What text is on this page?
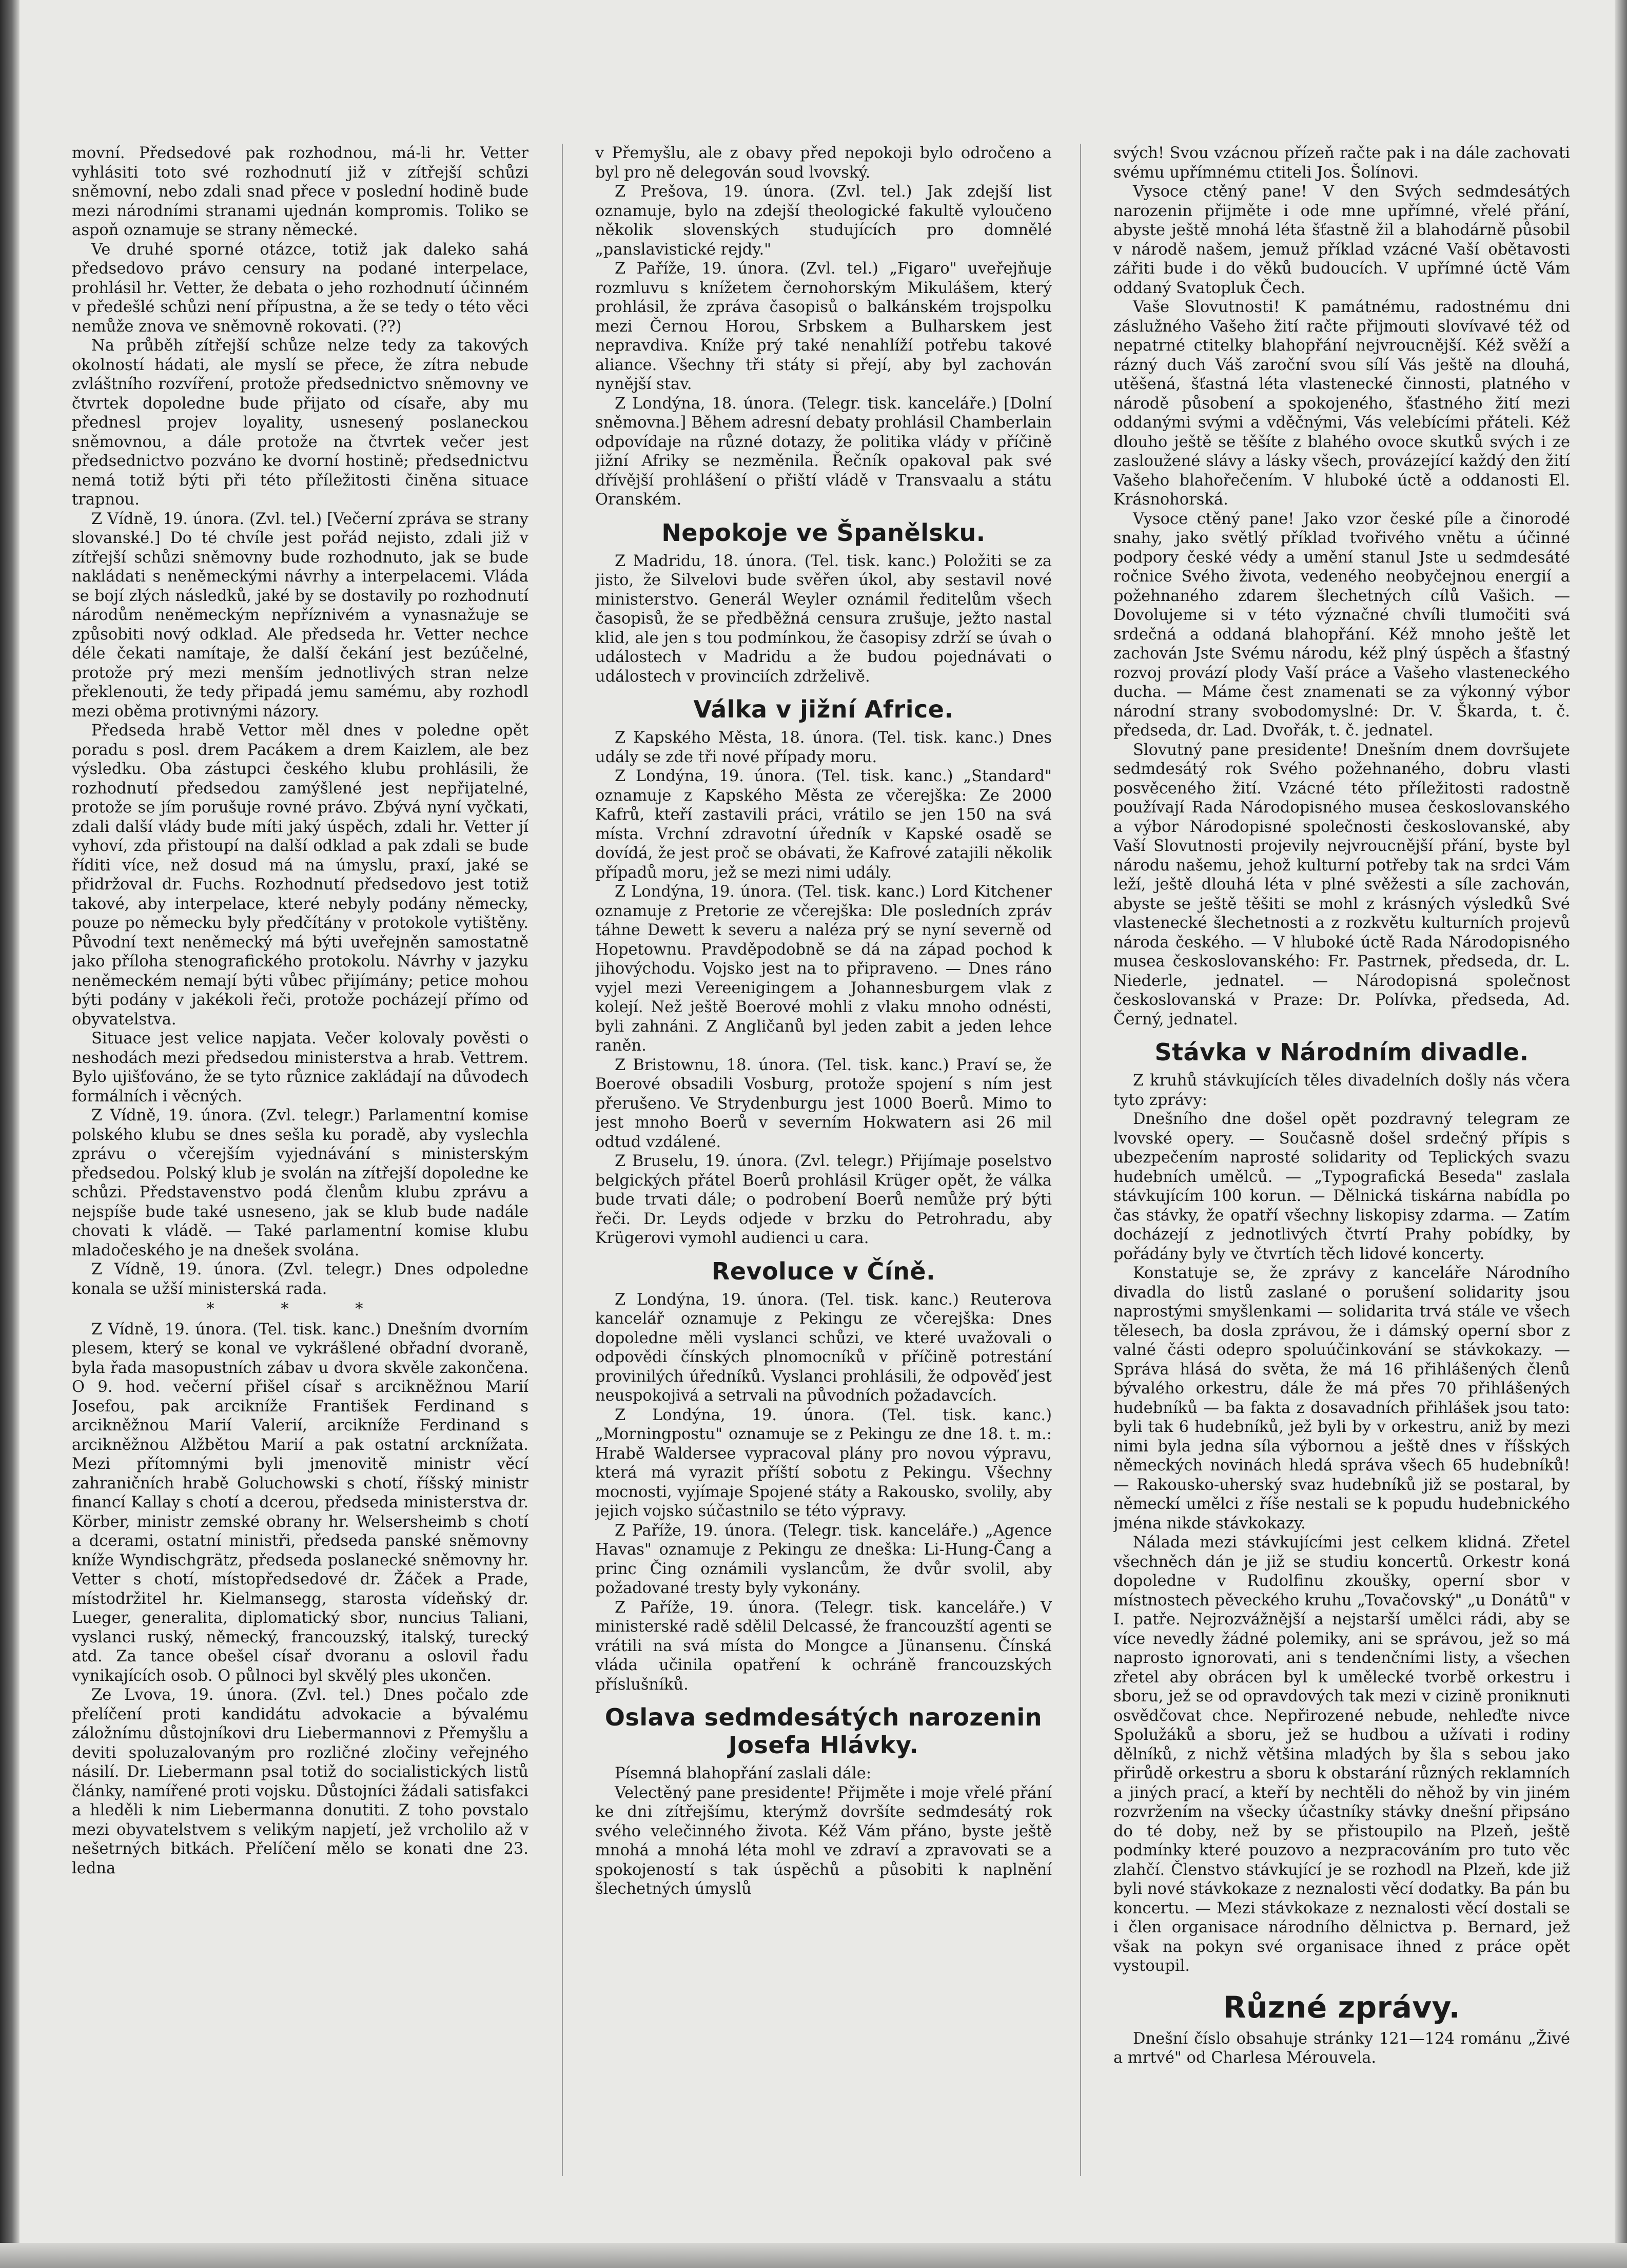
movní. Předsedové pak rozhodnou, má-li hr. Vetter vyhlásiti toto své rozhodnutí již v zítřejší schůzi sněmovní, nebo zdali snad přece v poslední hodině bude mezi národními stranami ujednán kompromis. Toliko se aspoň oznamuje se strany německé.

Ve druhé sporné otázce, totiž jak daleko sahá předsedovo právo censury na podané interpelace, prohlásil hr. Vetter, že debata o jeho rozhodnutí účinném v předešlé schůzi není přípustna, a že se tedy o této věci nemůže znova ve sněmovně rokovati. (??)

Na průběh zítřejší schůze nelze tedy za takových okolností hádati, ale myslí se přece, že zítra nebude zvláštního rozvíření, protože předsednictvo sněmovny ve čtvrtek dopoledne bude přijato od císaře, aby mu přednesl projev loyality, usnesený poslaneckou sněmovnou, a dále protože na čtvrtek večer jest předsednictvo pozváno ke dvorní hostině; předsednictvu nemá totiž býti při této příležitosti činěna situace trapnou.

Z Vídně, 19. února. (Zvl. tel.) [Večerní zpráva se strany slovanské.] Do té chvíle jest pořád nejisto, zdali již v zítřejší schůzi sněmovny bude rozhodnuto, jak se bude nakládati s neněmeckými návrhy a interpelacemi. Vláda se bojí zlých následků, jaké by se dostavily po rozhodnutí národům neněmeckým nepříznivém a vynasnažuje se způsobiti nový odklad. Ale předseda hr. Vetter nechce déle čekati namítaje, že další čekání jest bezúčelné, protože prý mezi menším jednotlivých stran nelze překlenouti, že tedy připadá jemu samému, aby rozhodl mezi oběma protivnými názory.

Předseda hrabě Vettor měl dnes v poledne opět poradu s posl. drem Pacákem a drem Kaizlem, ale bez výsledku. Oba zástupci českého klubu prohlásili, že rozhodnutí předsedou zamýšlené jest nepřijatelné, protože se jím porušuje rovné právo. Zbývá nyní vyčkati, zdali další vlády bude míti jaký úspěch, zdali hr. Vetter jí vyhoví, zda přistoupí na další odklad a pak zdali se bude říditi více, než dosud má na úmyslu, praxí, jaké se přidržoval dr. Fuchs. Rozhodnutí předsedovo jest totiž takové, aby interpelace, které nebyly podány německy, pouze po německu byly předčítány v protokole vytištěny. Původní text neněmecký má býti uveřejněn samostatně jako příloha stenografického protokolu. Návrhy v jazyku neněmeckém nemají býti vůbec přijímány; petice mohou býti podány v jakékoli řeči, protože pocházejí přímo od obyvatelstva.

Situace jest velice napjata. Večer kolovaly pověsti o neshodách mezi předsedou ministerstva a hrab. Vettrem. Bylo ujišťováno, že se tyto různice zakládají na důvodech formálních i věcných.

Z Vídně, 19. února. (Zvl. telegr.) Parlamentní komise polského klubu se dnes sešla ku poradě, aby vyslechla zprávu o včerejším vyjednávání s ministerským předsedou. Polský klub je svolán na zítřejší dopoledne ke schůzi. Představenstvo podá členům klubu zprávu a nejspíše bude také usneseno, jak se klub bude nadále chovati k vládě. — Také parlamentní komise klubu mladočeského je na dnešek svolána.

Z Vídně, 19. února. (Zvl. telegr.) Dnes odpoledne konala se užší ministerská rada.

* * *

Z Vídně, 19. února. (Tel. tisk. kanc.) Dnešním dvorním plesem, který se konal ve vykrášlené obřadní dvoraně, byla řada masopustních zábav u dvora skvěle zakončena. O 9. hod. večerní přišel císař s arcikněžnou Marií Josefou, pak arcikníže František Ferdinand s arcikněžnou Marií Valerií, arcikníže Ferdinand s arcikněžnou Alžbětou Marií a pak ostatní arcknížata. Mezi přítomnými byli jmenovitě ministr věcí zahraničních hrabě Goluchowski s chotí, říšský ministr financí Kallay s chotí a dcerou, předseda ministerstva dr. Körber, ministr zemské obrany hr. Welsersheimb s chotí a dcerami, ostatní ministři, předseda panské sněmovny kníže Wyndischgrätz, předseda poslanecké sněmovny hr. Vetter s chotí, místopředsedové dr. Žáček a Prade, místodržitel hr. Kielmansegg, starosta vídeňský dr. Lueger, generalita, diplomatický sbor, nuncius Taliani, vyslanci ruský, německý, francouzský, italský, turecký atd. Za tance obešel císař dvoranu a oslovil řadu vynikajících osob. O půlnoci byl skvělý ples ukončen.

Ze Lvova, 19. února. (Zvl. tel.) Dnes počalo zde přelíčení proti kandidátu advokacie a bývalému záložnímu důstojníkovi dru Liebermannovi z Přemyšlu a deviti spoluzalovaným pro rozličné zločiny veřejného násilí. Dr. Liebermann psal totiž do socialistických listů články, namířené proti vojsku. Důstojníci žádali satisfakci a hleděli k nim Liebermanna donutiti. Z toho povstalo mezi obyvatelstvem s velikým napjetí, jež vrcholilo až v nešetrných bitkách. Přelíčení mělo se konati dne 23. ledna

v Přemyšlu, ale z obavy před nepokoji bylo odročeno a byl pro ně delegován soud lvovský.

Z Prešova, 19. února. (Zvl. tel.) Jak zdejší list oznamuje, bylo na zdejší theologické fakultě vyloučeno několik slovenských studujících pro domnělé „panslavistické rejdy."

Z Paříže, 19. února. (Zvl. tel.) „Figaro" uveřejňuje rozmluvu s knížetem černohorským Mikulášem, který prohlásil, že zpráva časopisů o balkánském trojspolku mezi Černou Horou, Srbskem a Bulharskem jest nepravdiva. Kníže prý také nenahlíží potřebu takové aliance. Všechny tři státy si přejí, aby byl zachován nynější stav.

Z Londýna, 18. února. (Telegr. tisk. kanceláře.) [Dolní sněmovna.] Během adresní debaty prohlásil Chamberlain odpovídaje na různé dotazy, že politika vlády v příčině jižní Afriky se nezměnila. Řečník opakoval pak své dřívější prohlášení o přiští vládě v Transvaalu a státu Oranském.

Nepokoje ve Španělsku.

Z Madridu, 18. února. (Tel. tisk. kanc.) Položiti se za jisto, že Silvelovi bude svěřen úkol, aby sestavil nové ministerstvo. Generál Weyler oznámil ředitelům všech časopisů, že se předběžná censura zrušuje, ježto nastal klid, ale jen s tou podmínkou, že časopisy zdrží se úvah o událostech v Madridu a že budou pojednávati o událostech v provinciích zdrželivě.

Válka v jižní Africe.

Z Kapského Města, 18. února. (Tel. tisk. kanc.) Dnes udály se zde tři nové případy moru.

Z Londýna, 19. února. (Tel. tisk. kanc.) „Standard" oznamuje z Kapského Města ze včerejška: Ze 2000 Kafrů, kteří zastavili práci, vrátilo se jen 150 na svá místa. Vrchní zdravotní úředník v Kapské osadě se dovídá, že jest proč se obávati, že Kafrové zatajili několik případů moru, jež se mezi nimi udály.

Z Londýna, 19. února. (Tel. tisk. kanc.) Lord Kitchener oznamuje z Pretorie ze včerejška: Dle posledních zpráv táhne Dewett k severu a naléza prý se nyní severně od Hopetownu. Pravděpodobně se dá na západ pochod k jihovýchodu. Vojsko jest na to připraveno. — Dnes ráno vyjel mezi Vereenigingem a Johannesburgem vlak z kolejí. Než ještě Boerové mohli z vlaku mnoho odnésti, byli zahnáni. Z Angličanů byl jeden zabit a jeden lehce raněn.

Z Bristownu, 18. února. (Tel. tisk. kanc.) Praví se, že Boerové obsadili Vosburg, protože spojení s ním jest přerušeno. Ve Strydenburgu jest 1000 Boerů. Mimo to jest mnoho Boerů v severním Hokwatern asi 26 mil odtud vzdálené.

Z Bruselu, 19. února. (Zvl. telegr.) Přijímaje poselstvo belgických přátel Boerů prohlásil Krüger opět, že válka bude trvati dále; o podrobení Boerů nemůže prý býti řeči. Dr. Leyds odjede v brzku do Petrohradu, aby Krügerovi vymohl audienci u cara.

Revoluce v Číně.

Z Londýna, 19. února. (Tel. tisk. kanc.) Reuterova kancelář oznamuje z Pekingu ze včerejška: Dnes dopoledne měli vyslanci schůzi, ve které uvažovali o odpovědi čínských plnomocníků v příčině potrestání provinilých úředníků. Vyslanci prohlásili, že odpověď jest neuspokojivá a setrvali na původních požadavcích.

Z Londýna, 19. února. (Tel. tisk. kanc.) „Morningpostu" oznamuje se z Pekingu ze dne 18. t. m.: Hrabě Waldersee vypracoval plány pro novou výpravu, která má vyrazit příští sobotu z Pekingu. Všechny mocnosti, vyjímaje Spojené státy a Rakousko, svolily, aby jejich vojsko súčastnilo se této výpravy.

Z Paříže, 19. února. (Telegr. tisk. kanceláře.) „Agence Havas" oznamuje z Pekingu ze dneška: Li-Hung-Čang a princ Čing oznámili vyslancům, že dvůr svolil, aby požadované tresty byly vykonány.

Z Paříže, 19. února. (Telegr. tisk. kanceláře.) V ministerské radě sdělil Delcassé, že francouzští agenti se vrátili na svá místa do Mongce a Jünansenu. Čínská vláda učinila opatření k ochráně francouzských příslušníků.

Oslava sedmdesátých narozenin Josefa Hlávky.

Písemná blahopřání zaslali dále:

Velectěný pane presidente! Přijměte i moje vřelé přání ke dni zítřejšímu, kterýmž dovršíte sedmdesátý rok svého velečinného života. Kéž Vám přáno, byste ještě mnohá a mnohá léta mohl ve zdraví a zpravovati se a spokojeností s tak úspěchů a působiti k naplnění šlechetných úmyslů

svých! Svou vzácnou přízeň račte pak i na dále zachovati svému upřímnému ctiteli Jos. Šolínovi.

Vysoce ctěný pane! V den Svých sedmdesátých narozenin přijměte i ode mne upřímné, vřelé přání, abyste ještě mnohá léta šťastně žil a blahodárně působil v národě našem, jemuž příklad vzácné Vaší obětavosti zářiti bude i do věků budoucích. V upřímné úctě Vám oddaný Svatopluk Čech.

Vaše Slovutnosti! K památnému, radostnému dni záslužného Vašeho žití račte přijmouti slovívavé též od nepatrné ctitelky blahopřání nejvroucnější. Kéž svěží a rázný duch Váš zaroční svou sílí Vás ještě na dlouhá, utěšená, šťastná léta vlastenecké činnosti, platného v národě působení a spokojeného, šťastného žití mezi oddanými svými a vděčnými, Vás velebícími přáteli. Kéž dlouho ještě se těšíte z blahého ovoce skutků svých i ze zasloužené slávy a lásky všech, provázející každý den žití Vašeho blahořečením. V hluboké úctě a oddanosti El. Krásnohorská.

Vysoce ctěný pane! Jako vzor české píle a činorodé snahy, jako světlý příklad tvořivého vnětu a účinné podpory české védy a umění stanul Jste u sedmdesáté ročnice Svého života, vedeného neobyčejnou energií a požehnaného zdarem šlechetných cílů Vašich. — Dovolujeme si v této význačné chvíli tlumočiti svá srdečná a oddaná blahopřání. Kéž mnoho ještě let zachován Jste Svému národu, kéž plný úspěch a šťastný rozvoj provází plody Vaší práce a Vašeho vlasteneckého ducha. — Máme čest znamenati se za výkonný výbor národní strany svobodomyslné: Dr. V. Škarda, t. č. předseda, dr. Lad. Dvořák, t. č. jednatel.

Slovutný pane presidente! Dnešním dnem dovršujete sedmdesátý rok Svého požehnaného, dobru vlasti posvěceného žití. Vzácné této příležitosti radostně používají Rada Národopisného musea českoslovanského a výbor Národopisné společnosti českoslovanské, aby Vaší Slovutnosti projevily nejvroucnější přání, byste byl národu našemu, jehož kulturní potřeby tak na srdci Vám leží, ještě dlouhá léta v plné svěžesti a síle zachován, abyste se ještě těšiti se mohl z krásných výsledků Své vlastenecké šlechetnosti a z rozkvětu kulturních projevů národa českého. — V hluboké úctě Rada Národopisného musea českoslovanského: Fr. Pastrnek, předseda, dr. L. Niederle, jednatel. — Národopisná společnost českoslovanská v Praze: Dr. Polívka, předseda, Ad. Černý, jednatel.

Stávka v Národním divadle.

Z kruhů stávkujících těles divadelních došly nás včera tyto zprávy:

Dnešního dne došel opět pozdravný telegram ze lvovské opery. — Současně došel srdečný přípis s ubezpečením naprosté solidarity od Teplických svazu hudebních umělců. — „Typografická Beseda" zaslala stávkujícím 100 korun. — Dělnická tiskárna nabídla po čas stávky, že opatří všechny liskopisy zdarma. — Zatím docházejí z jednotlivých čtvrtí Prahy pobídky, by pořádány byly ve čtvrtích těch lidové koncerty.

Konstatuje se, že zprávy z kanceláře Národního divadla do listů zaslané o porušení solidarity jsou naprostými smyšlenkami — solidarita trvá stále ve všech tělesech, ba dosla zprávou, že i dámský operní sbor z valné části odepro spoluúčinkování se stávkokazy. — Správa hlásá do světa, že má 16 přihlášených členů bývalého orkestru, dále že má přes 70 přihlášených hudebníků — ba fakta z dosavadních přihlášek jsou tato: byli tak 6 hudebníků, jež byli by v orkestru, aniž by mezi nimi byla jedna síla výbornou a ještě dnes v říšských německých novinách hledá správa všech 65 hudebníků! — Rakousko-uherský svaz hudebníků již se postaral, by německí umělci z říše nestali se k popudu hudebnického jména nikde stávkokazy.

Nálada mezi stávkujícími jest celkem klidná. Zřetel všechněch dán je již se studiu koncertů. Orkestr koná dopoledne v Rudolfinu zkoušky, operní sbor v místnostech pěveckého kruhu „Tovačovský" „u Donátů" v I. patře. Nejrozvážnější a nejstarší umělci rádi, aby se více nevedly žádné polemiky, ani se správou, jež so má naprosto ignorovati, ani s tendenčními listy, a všechen zřetel aby obrácen byl k umělecké tvorbě orkestru i sboru, jež se od opravdových tak mezi v cizině proniknuti osvědčovat chce. Nepřirozené nebude, nehleďte nivce Spolužáků a sboru, jež se hudbou a užívati i rodiny dělníků, z nichž většina mladých by šla s sebou jako přirůdě orkestru a sboru k obstarání různých reklamních a jiných prací, a kteří by nechtěli do něhož by vin jiném rozvržením na všecky účastníky stávky dnešní připsáno do té doby, než by se přistoupilo na Plzeň, ještě podmínky které pouzovo a nezpracováním pro tuto věc zlahčí. Členstvo stávkující je se rozhodl na Plzeň, kde již byli nové stávkokaze z neznalosti věcí dodatky. Ba pán bu koncertu. — Mezi stávkokaze z neznalosti věcí dostali se i člen organisace národního dělnictva p. Bernard, jež však na pokyn své organisace ihned z práce opět vystoupil.

Různé zprávy.

Dnešní číslo obsahuje stránky 121—124 románu „Živé a mrtvé" od Charlesa Mérouvela.
